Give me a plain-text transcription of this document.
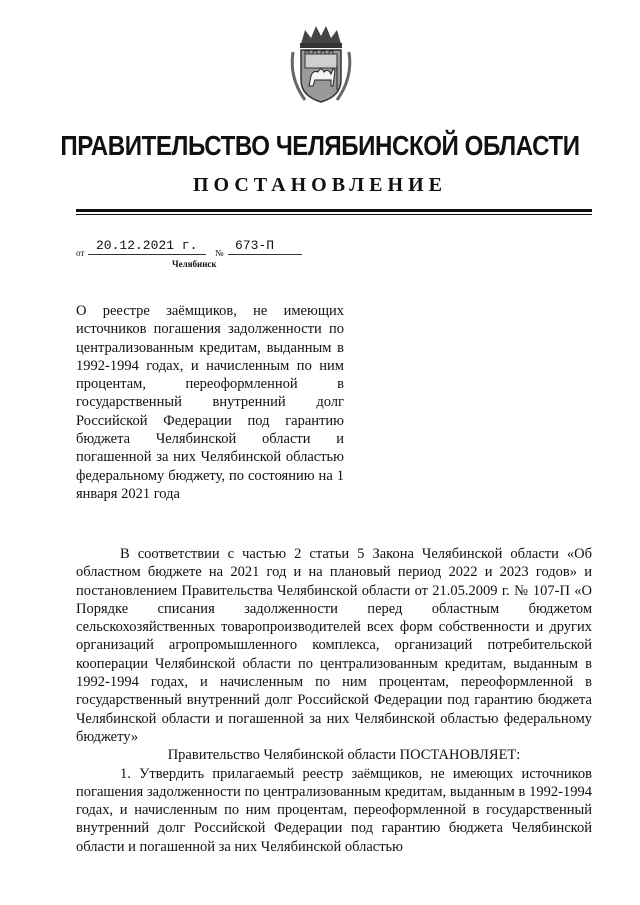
ПРАВИТЕЛЬСТВО ЧЕЛЯБИНСКОЙ ОБЛАСТИ
ПОСТАНОВЛЕНИЕ
от 20.12.2021 г. № 673-П
Челябинск
О реестре заёмщиков, не имеющих источников погашения задолженности по централизованным кредитам, выданным в 1992-1994 годах, и начисленным по ним процентам, переоформленной в государственный внутренний долг Российской Федерации под гарантию бюджета Челябинской области и погашенной за них Челябинской областью федеральному бюджету, по состоянию на 1 января 2021 года

В соответствии с частью 2 статьи 5 Закона Челябинской области «Об областном бюджете на 2021 год и на плановый период 2022 и 2023 годов» и постановлением Правительства Челябинской области от 21.05.2009 г. № 107-П «О Порядке списания задолженности перед областным бюджетом сельскохозяйственных товаропроизводителей всех форм собственности и других организаций агропромышленного комплекса, организаций потребительской кооперации Челябинской области по централизованным кредитам, выданным в 1992-1994 годах, и начисленным по ним процентам, переоформленной в государственный внутренний долг Российской Федерации под гарантию бюджета Челябинской области и погашенной за них Челябинской областью федеральному бюджету»

Правительство Челябинской области ПОСТАНОВЛЯЕТ:

1. Утвердить прилагаемый реестр заёмщиков, не имеющих источников погашения задолженности по централизованным кредитам, выданным в 1992-1994 годах, и начисленным по ним процентам, переоформленной в государственный внутренний долг Российской Федерации под гарантию бюджета Челябинской области и погашенной за них Челябинской областью
